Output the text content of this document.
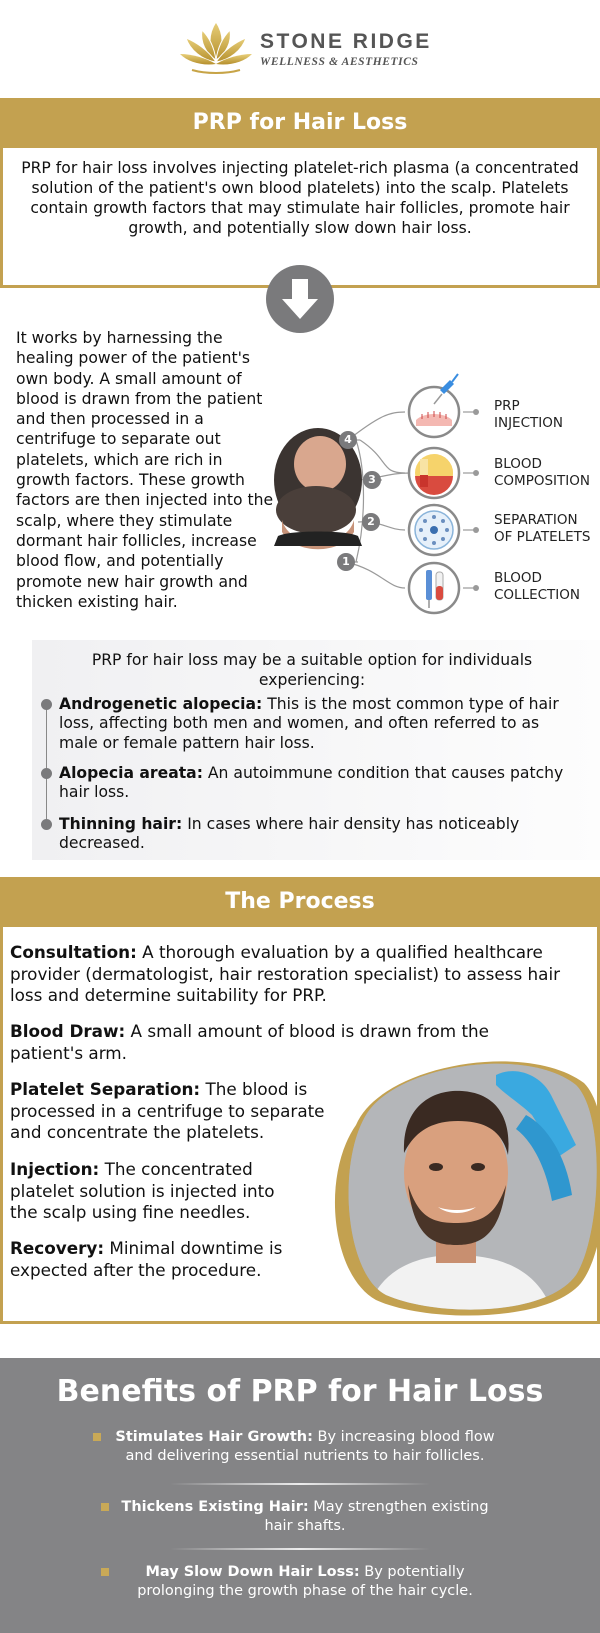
STONE RIDGE
WELLNESS & AESTHETICS
PRP for Hair Loss
PRP for hair loss involves injecting platelet-rich plasma (a concentrated solution of the patient's own blood platelets) into the scalp. Platelets contain growth factors that may stimulate hair follicles, promote hair growth, and potentially slow down hair loss.
It works by harnessing the healing power of the patient's own body. A small amount of blood is drawn from the patient and then processed in a centrifuge to separate out platelets, which are rich in growth factors. These growth factors are then injected into the scalp, where they stimulate dormant hair follicles, increase blood flow, and potentially promote new hair growth and thicken existing hair.
4
3
2
1
PRP
INJECTION
BLOOD
COMPOSITION
SEPARATION
OF PLATELETS
BLOOD
COLLECTION
PRP for hair loss may be a suitable option for individuals experiencing:
Androgenetic alopecia: This is the most common type of hair loss, affecting both men and women, and often referred to as male or female pattern hair loss.
Alopecia areata: An autoimmune condition that causes patchy hair loss.
Thinning hair: In cases where hair density has noticeably decreased.
The Process
Consultation: A thorough evaluation by a qualified healthcare provider (dermatologist, hair restoration specialist) to assess hair loss and determine suitability for PRP.
Blood Draw: A small amount of blood is drawn from the patient's arm.
Platelet Separation: The blood is processed in a centrifuge to separate and concentrate the platelets.
Injection: The concentrated platelet solution is injected into the scalp using fine needles.
Recovery: Minimal downtime is expected after the procedure.
Benefits of PRP for Hair Loss
Stimulates Hair Growth: By increasing blood flow and delivering essential nutrients to hair follicles.
Thickens Existing Hair: May strengthen existing hair shafts.
May Slow Down Hair Loss: By potentially prolonging the growth phase of the hair cycle.
